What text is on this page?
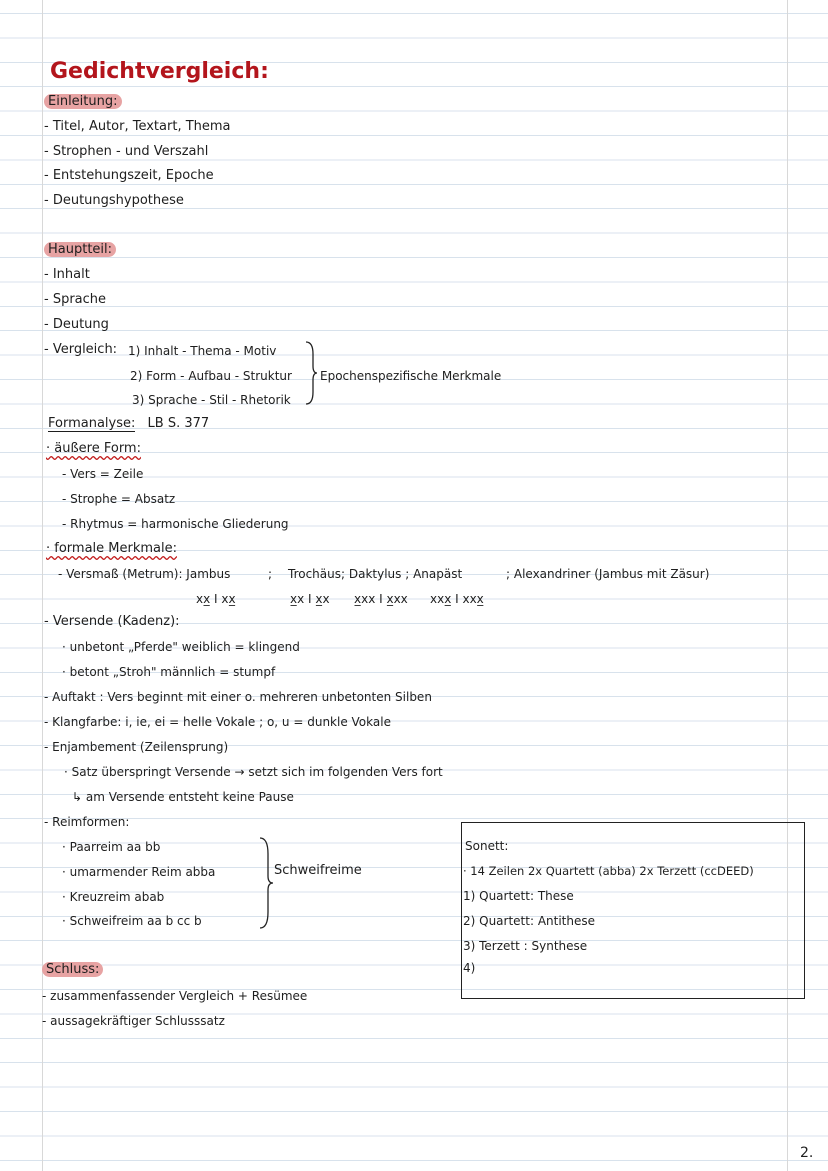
Gedichtvergleich:
Einleitung:
- Titel, Autor, Textart, Thema
- Strophen - und Verszahl
- Entstehungszeit, Epoche
- Deutungshypothese
Hauptteil:
- Inhalt
- Sprache
- Deutung
- Vergleich: 1) Inhalt - Thema - Motiv
2) Form - Aufbau - Struktur
3) Sprache - Stil - Rhetorik
Epochenspezifische Merkmale
Formanalyse: LB S. 377
· äußere Form:
- Vers = Zeile
- Strophe = Absatz
- Rhytmus = harmonische Gliederung
· formale Merkmale:
- Versmaß (Metrum): Jambus	; Trochäus; Daktylus ; Anapäst	; Alexandriner (Jambus mit Zäsur)
xx̲ I xx̲	x̲x I x̲x x̲xx I x̲xx xxx̲ I xxx̲
- Versende (Kadenz):
· unbetont „Pferde" weiblich = klingend
· betont „Stroh" männlich = stumpf
- Auftakt : Vers beginnt mit einer o. mehreren unbetonten Silben
- Klangfarbe: i, ie, ei = helle Vokale ; o, u = dunkle Vokale
- Enjambement (Zeilensprung)
· Satz überspringt Versende → setzt sich im folgenden Vers fort
↳ am Versende entsteht keine Pause
- Reimformen:
· Paarreim aa bb
· umarmender Reim abba
· Kreuzreim abab
· Schweifreim aa b cc b
Schweifreime
Sonett:
· 14 Zeilen 2x Quartett (abba) 2x Terzett (ccDEED)
1) Quartett: These
2) Quartett: Antithese
3) Terzett : Synthese
4)
Schluss:
- zusammenfassender Vergleich + Resümee
- aussagekräftiger Schlusssatz
2.
